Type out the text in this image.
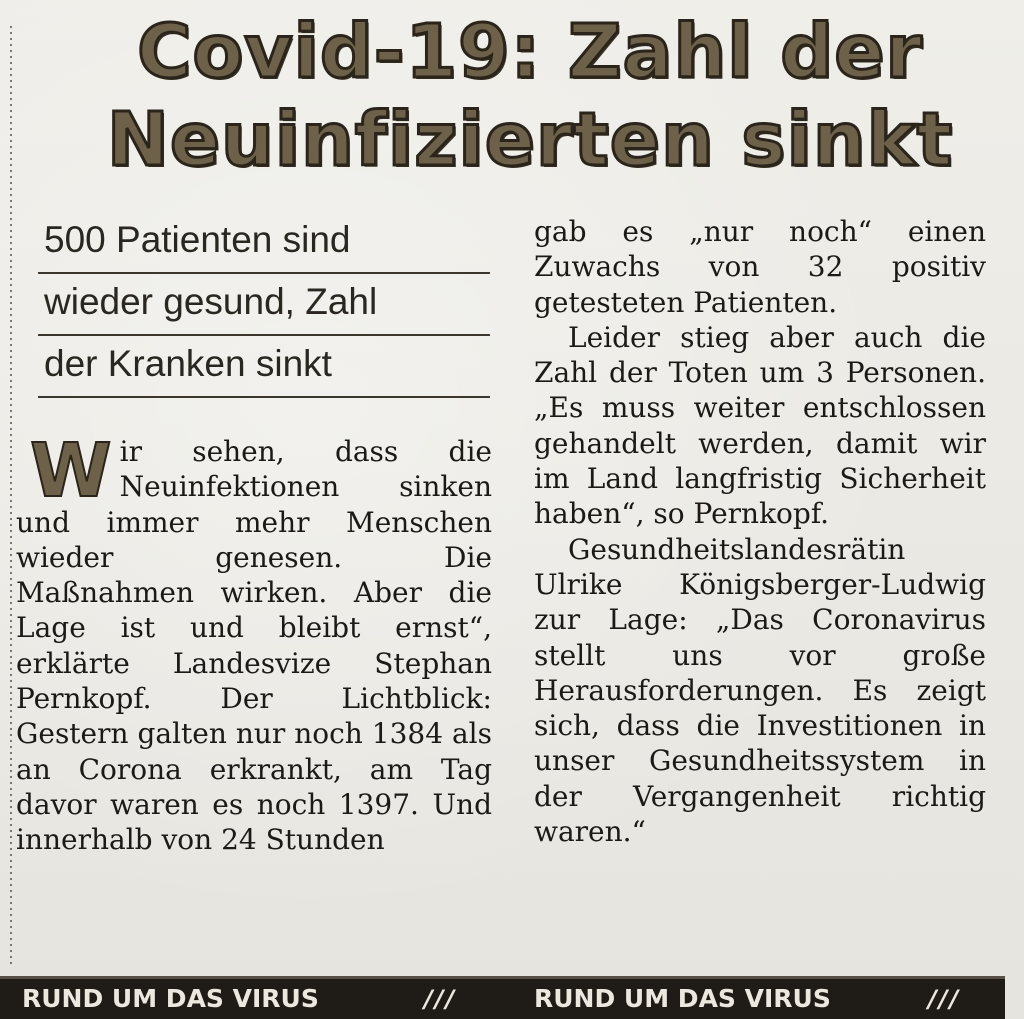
Covid-19: Zahl der
Neuinfizierten sinkt
500 Patienten sind
wieder gesund, Zahl
der Kranken sinkt

Wir sehen, dass die Neuinfektionen sinken und immer mehr Menschen wieder genesen. Die Maßnahmen wirken. Aber die Lage ist und bleibt ernst“, erklärte Landesvize Stephan Pernkopf. Der Lichtblick: Gestern galten nur noch 1384 als an Corona erkrankt, am Tag davor waren es noch 1397. Und innerhalb von 24 Stunden

gab es „nur noch“ einen Zuwachs von 32 positiv getesteten Patienten.

Leider stieg aber auch die Zahl der Toten um 3 Personen. „Es muss weiter entschlossen gehandelt werden, damit wir im Land langfristig Sicherheit haben“, so Pernkopf.

Gesundheitslandesrätin Ulrike Königsberger-Ludwig zur Lage: „Das Coronavirus stellt uns vor große Herausforderungen. Es zeigt sich, dass die Investitionen in unser Gesundheitssystem in der Vergangenheit richtig waren.“

RUND UM DAS VIRUS	///	RUND UM DAS VIRUS	///
